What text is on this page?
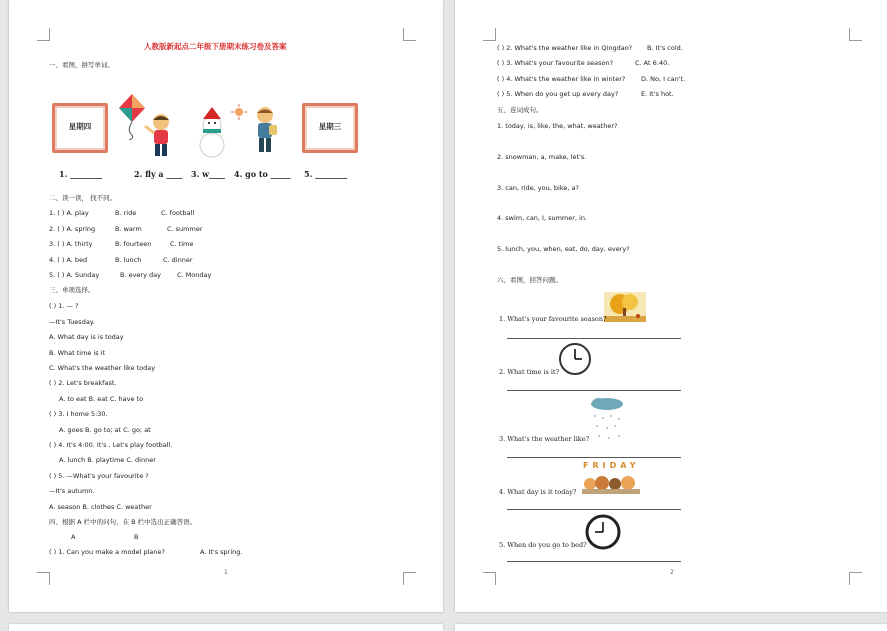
人教版新起点二年级下册期末练习卷及答案
一、看图，拼写单词。
星期四	星期三
1. ________	2. fly a ____ 3. w____ 4. go to _____ 5. ________
二、读一读， 找不同。
1. ( ) A. play	B. ride	C. football
2. ( ) A. spring	B. warm	C. summer
3. ( ) A. thirty	B. fourteen	C. time
4. ( ) A. bed	B. lunch	C. dinner
5. ( ) A. Sunday	B. every day C. Monday
三、单项选择。
( ) 1. — ?
—It's Tuesday.
A. What day is is today
B. What time is it
C. What's the weather like today
( ) 2. Let's breakfast.
A. to eat B. eat C. have to
( ) 3. I home 5:30.
A. goes B. go to; at C. go; at
( ) 4. It's 4:00. It's . Let's play football.
A. lunch B. playtime C. dinner
( ) 5. —What's your favourite ?
—It's autumn.
A. season B. clothes C. weather
四、根据 A 栏中的问句，在 B 栏中选出正确答语。
A	B
( ) 1. Can you make a model plane?	A. It's spring.
1
( ) 2. What's the weather like in Qingdao? B. It's cold.
( ) 3. What's your favourite season?	C. At 6:40.
( ) 4. What's the weather like in winter? D. No, I can't.
( ) 5. When do you get up every day?	E. It's hot.
五、连词成句。
1. today, is, like, the, what, weather?
2. snowman, a, make, let's.
3. can, ride, you, bike, a?
4. swim, can, I, summer, in.
5. lunch, you, when, eat, do, day, every?
六、看图，回答问题。
1. What's your favourite season?
2. What time is it?
3. What's the weather like?
FRIDAY
4. What day is it today?
5. When do you go to bed?
2
